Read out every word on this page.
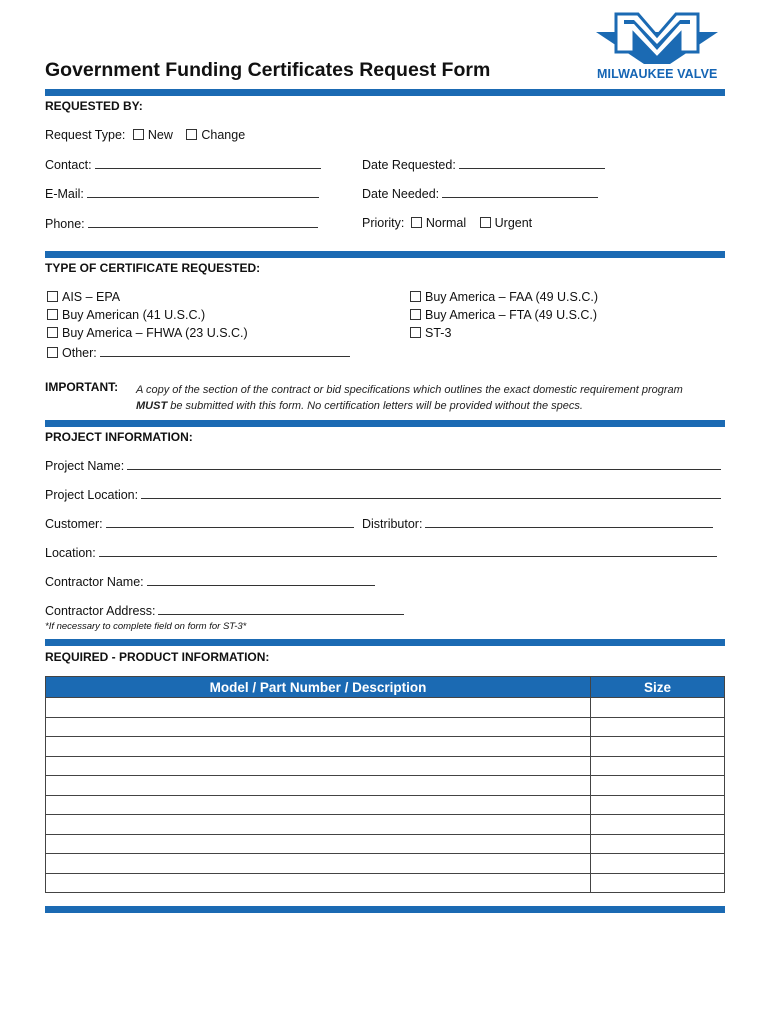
Government Funding Certificates Request Form	MILWAUKEE VALVE
REQUESTED BY:
Request Type: New Change
Contact:	Date Requested:
E-Mail:	Date Needed:
Phone:	Priority: Normal Urgent
TYPE OF CERTIFICATE REQUESTED:
AIS – EPA
Buy American (41 U.S.C.)
Buy America – FHWA (23 U.S.C.)
Other:
Buy America – FAA (49 U.S.C.)
Buy America – FTA (49 U.S.C.)
ST-3
IMPORTANT: A copy of the section of the contract or bid specifications which outlines the exact domestic requirement program MUST be submitted with this form. No certification letters will be provided without the specs.
PROJECT INFORMATION:
Project Name:
Project Location:
Customer:	Distributor:
Location:
Contractor Name:
Contractor Address:
*If necessary to complete field on form for ST-3*
REQUIRED - PRODUCT INFORMATION:
Model / Part Number / Description	Size
